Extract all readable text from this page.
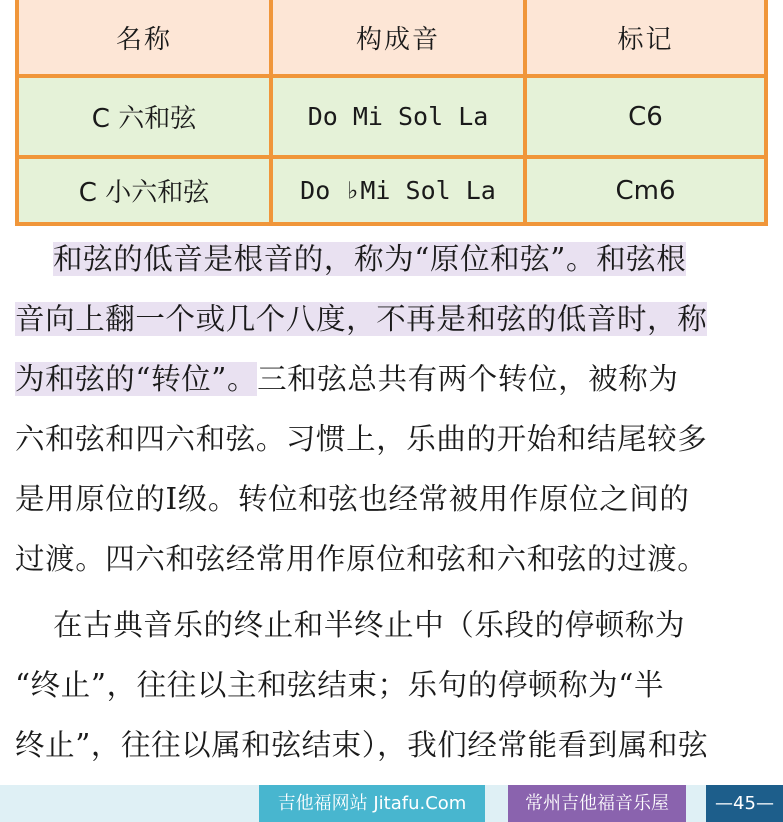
名称	构成音	标记
C 六和弦	Do Mi Sol La	C6
C 小六和弦	Do ♭Mi Sol La	Cm6
和弦的低音是根音的，称为“原位和弦”。和弦根
音向上翻一个或几个八度，不再是和弦的低音时，称
为和弦的“转位”。三和弦总共有两个转位，被称为
六和弦和四六和弦。习惯上，乐曲的开始和结尾较多
是用原位的Ⅰ级。转位和弦也经常被用作原位之间的
过渡。四六和弦经常用作原位和弦和六和弦的过渡。
在古典音乐的终止和半终止中（乐段的停顿称为
“终止”，往往以主和弦结束；乐句的停顿称为“半
终止”，往往以属和弦结束），我们经常能看到属和弦
吉他福网站 Jitafu.Com	常州吉他福音乐屋	—45—
